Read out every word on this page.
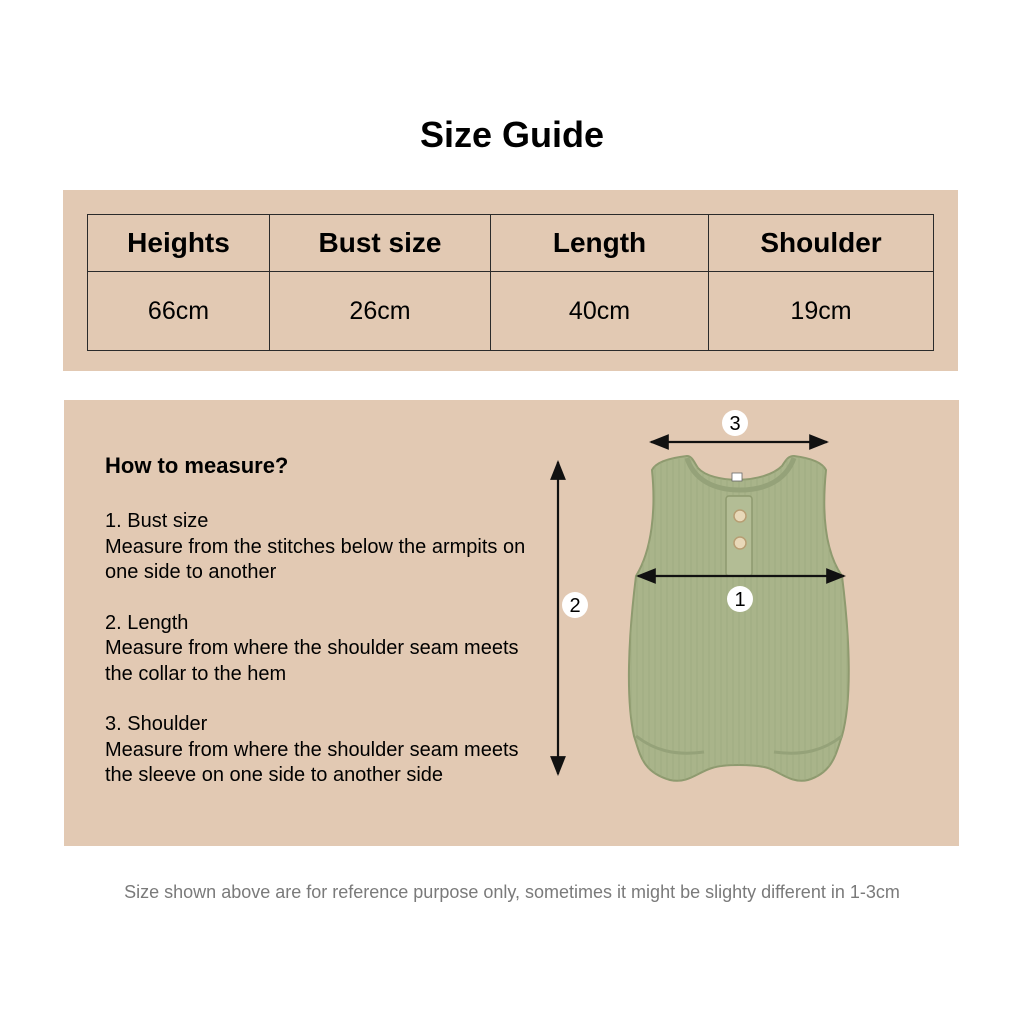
Size Guide
Heights	Bust size	Length	Shoulder
66cm	26cm	40cm	19cm
How to measure?
1. Bust size
Measure from the stitches below the armpits on one side to another
2. Length
Measure from where the shoulder seam meets the collar to the hem
3. Shoulder
Measure from where the shoulder seam meets the sleeve on one side to another side
3
2	1
Size shown above are for reference purpose only, sometimes it might be slighty different in 1-3cm
